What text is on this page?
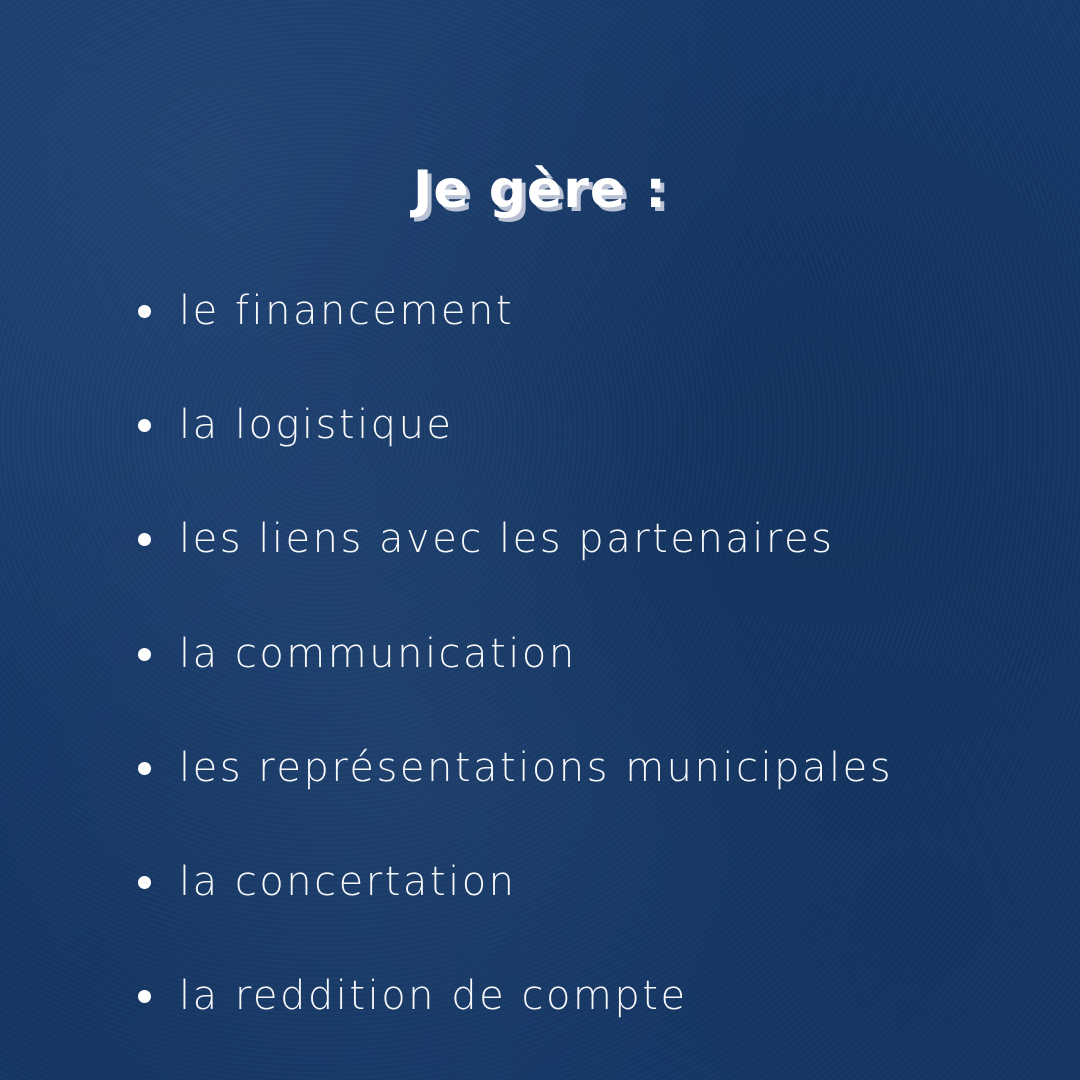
Je gère :
le financement
la logistique
les liens avec les partenaires
la communication
les représentations municipales
la concertation
la reddition de compte
